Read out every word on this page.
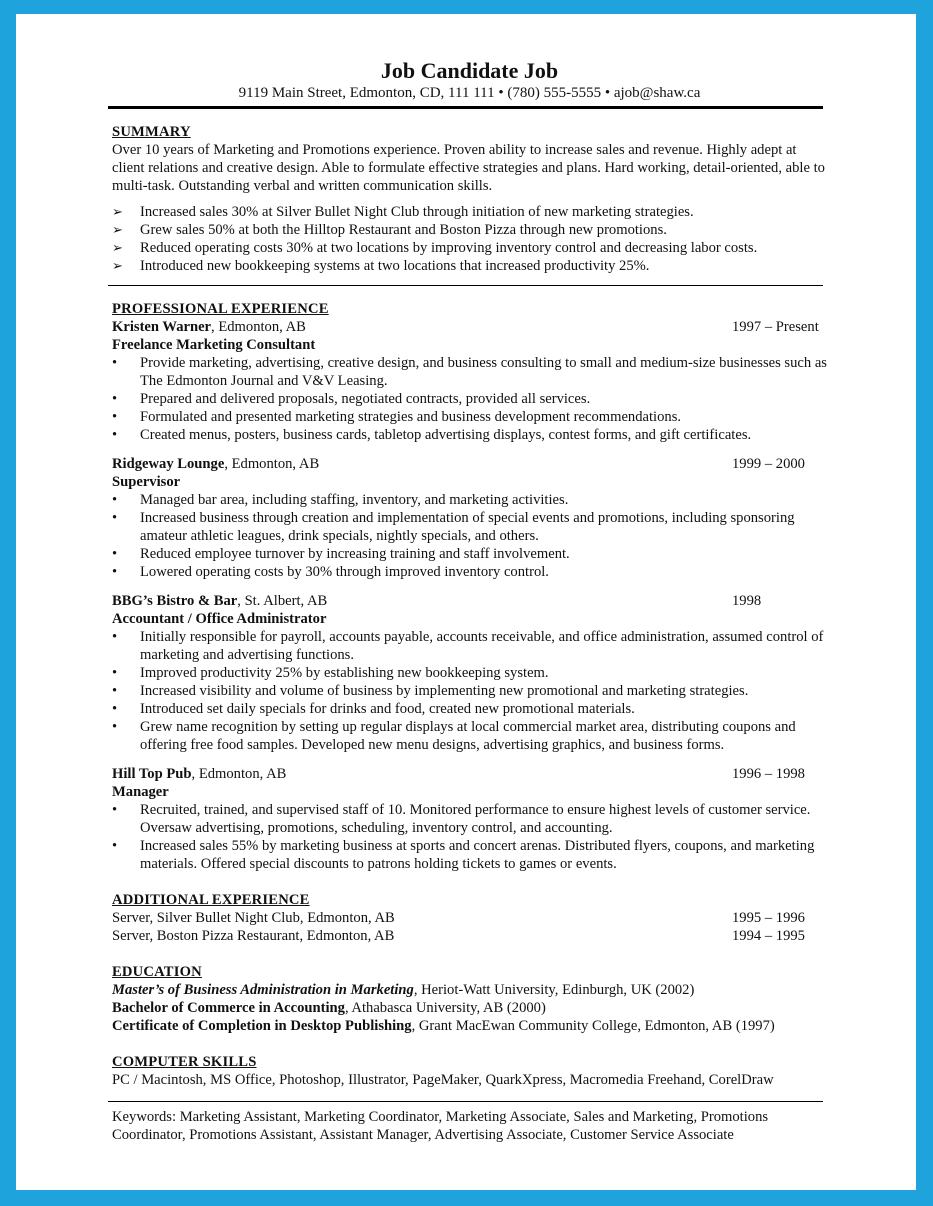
Job Candidate Job
9119 Main Street, Edmonton, CD, 111 111 • (780) 555-5555 • ajob@shaw.ca
SUMMARY

Over 10 years of Marketing and Promotions experience. Proven ability to increase sales and revenue. Highly adept at client relations and creative design. Able to formulate effective strategies and plans. Hard working, detail-oriented, able to multi-task. Outstanding verbal and written communication skills.

➢	Increased sales 30% at Silver Bullet Night Club through initiation of new marketing strategies.
➢	Grew sales 50% at both the Hilltop Restaurant and Boston Pizza through new promotions.
➢	Reduced operating costs 30% at two locations by improving inventory control and decreasing labor costs.
➢	Introduced new bookkeeping systems at two locations that increased productivity 25%.
PROFESSIONAL EXPERIENCE
Kristen Warner, Edmonton, AB	1997 – Present
Freelance Marketing Consultant
•	Provide marketing, advertising, creative design, and business consulting to small and medium-size businesses such as The Edmonton Journal and V&V Leasing.
•	Prepared and delivered proposals, negotiated contracts, provided all services.
•	Formulated and presented marketing strategies and business development recommendations.
•	Created menus, posters, business cards, tabletop advertising displays, contest forms, and gift certificates.
Ridgeway Lounge, Edmonton, AB	1999 – 2000
Supervisor
•	Managed bar area, including staffing, inventory, and marketing activities.
•	Increased business through creation and implementation of special events and promotions, including sponsoring amateur athletic leagues, drink specials, nightly specials, and others.
•	Reduced employee turnover by increasing training and staff involvement.
•	Lowered operating costs by 30% through improved inventory control.
BBG’s Bistro & Bar, St. Albert, AB	1998
Accountant / Office Administrator
•	Initially responsible for payroll, accounts payable, accounts receivable, and office administration, assumed control of marketing and advertising functions.
•	Improved productivity 25% by establishing new bookkeeping system.
•	Increased visibility and volume of business by implementing new promotional and marketing strategies.
•	Introduced set daily specials for drinks and food, created new promotional materials.
•	Grew name recognition by setting up regular displays at local commercial market area, distributing coupons and offering free food samples. Developed new menu designs, advertising graphics, and business forms.
Hill Top Pub, Edmonton, AB	1996 – 1998
Manager
•	Recruited, trained, and supervised staff of 10. Monitored performance to ensure highest levels of customer service. Oversaw advertising, promotions, scheduling, inventory control, and accounting.
•	Increased sales 55% by marketing business at sports and concert arenas. Distributed flyers, coupons, and marketing materials. Offered special discounts to patrons holding tickets to games or events.
ADDITIONAL EXPERIENCE
Server, Silver Bullet Night Club, Edmonton, AB	1995 – 1996
Server, Boston Pizza Restaurant, Edmonton, AB	1994 – 1995
EDUCATION
Master’s of Business Administration in Marketing, Heriot-Watt University, Edinburgh, UK (2002)
Bachelor of Commerce in Accounting, Athabasca University, AB (2000)
Certificate of Completion in Desktop Publishing, Grant MacEwan Community College, Edmonton, AB (1997)
COMPUTER SKILLS
PC / Macintosh, MS Office, Photoshop, Illustrator, PageMaker, QuarkXpress, Macromedia Freehand, CorelDraw

Keywords: Marketing Assistant, Marketing Coordinator, Marketing Associate, Sales and Marketing, Promotions Coordinator, Promotions Assistant, Assistant Manager, Advertising Associate, Customer Service Associate
